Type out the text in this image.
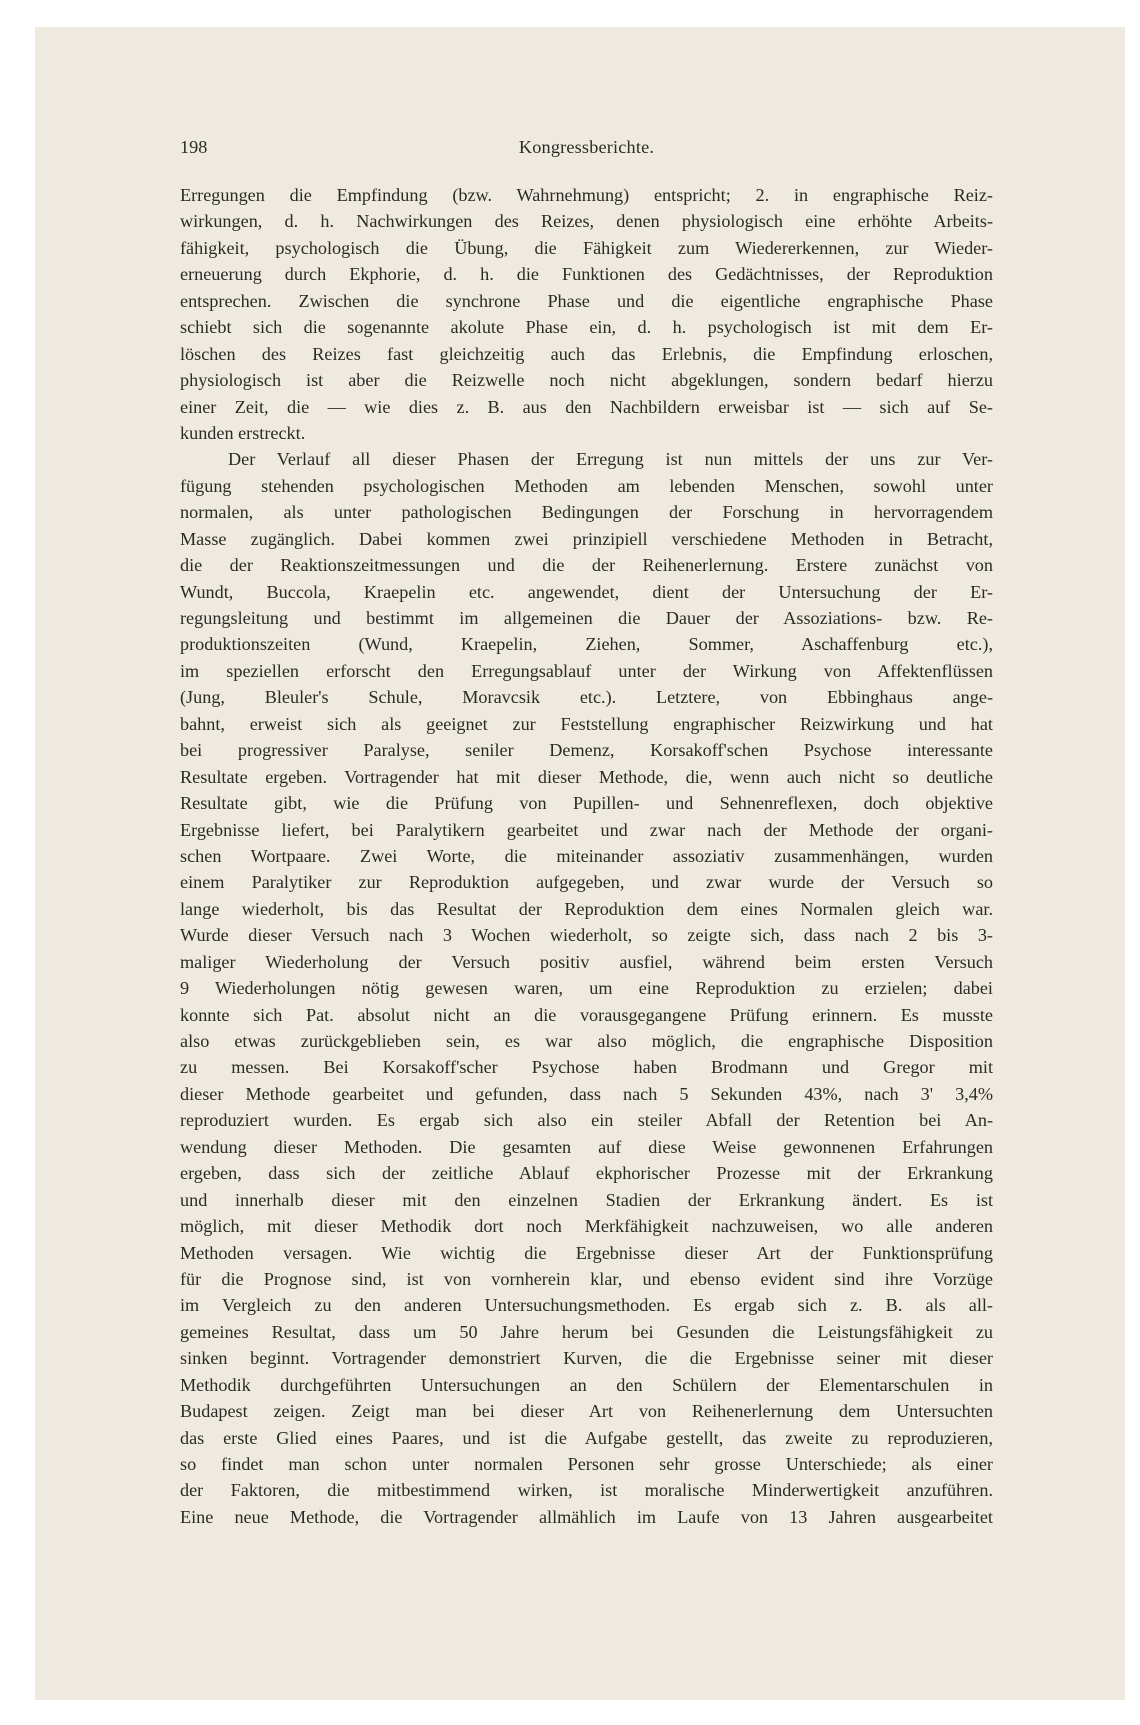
198	Kongressberichte.
Erregungen die Empfindung (bzw. Wahrnehmung) entspricht; 2. in engraphische Reiz-
wirkungen, d. h. Nachwirkungen des Reizes, denen physiologisch eine erhöhte Arbeits-
fähigkeit, psychologisch die Übung, die Fähigkeit zum Wiedererkennen, zur Wieder-
erneuerung durch Ekphorie, d. h. die Funktionen des Gedächtnisses, der Reproduktion
entsprechen. Zwischen die synchrone Phase und die eigentliche engraphische Phase
schiebt sich die sogenannte akolute Phase ein, d. h. psychologisch ist mit dem Er-
löschen des Reizes fast gleichzeitig auch das Erlebnis, die Empfindung erloschen,
physiologisch ist aber die Reizwelle noch nicht abgeklungen, sondern bedarf hierzu
einer Zeit, die — wie dies z. B. aus den Nachbildern erweisbar ist — sich auf Se-
kunden erstreckt.
Der Verlauf all dieser Phasen der Erregung ist nun mittels der uns zur Ver-
fügung stehenden psychologischen Methoden am lebenden Menschen, sowohl unter
normalen, als unter pathologischen Bedingungen der Forschung in hervorragendem
Masse zugänglich. Dabei kommen zwei prinzipiell verschiedene Methoden in Betracht,
die der Reaktionszeitmessungen und die der Reihenerlernung. Erstere zunächst von
Wundt, Buccola, Kraepelin etc. angewendet, dient der Untersuchung der Er-
regungsleitung und bestimmt im allgemeinen die Dauer der Assoziations- bzw. Re-
produktionszeiten (Wund, Kraepelin, Ziehen, Sommer, Aschaffenburg etc.),
im speziellen erforscht den Erregungsablauf unter der Wirkung von Affektenflüssen
(Jung, Bleuler's Schule, Moravcsik etc.). Letztere, von Ebbinghaus ange-
bahnt, erweist sich als geeignet zur Feststellung engraphischer Reizwirkung und hat
bei progressiver Paralyse, seniler Demenz, Korsakoff'schen Psychose interessante
Resultate ergeben. Vortragender hat mit dieser Methode, die, wenn auch nicht so deutliche
Resultate gibt, wie die Prüfung von Pupillen- und Sehnenreflexen, doch objektive
Ergebnisse liefert, bei Paralytikern gearbeitet und zwar nach der Methode der organi-
schen Wortpaare. Zwei Worte, die miteinander assoziativ zusammenhängen, wurden
einem Paralytiker zur Reproduktion aufgegeben, und zwar wurde der Versuch so
lange wiederholt, bis das Resultat der Reproduktion dem eines Normalen gleich war.
Wurde dieser Versuch nach 3 Wochen wiederholt, so zeigte sich, dass nach 2 bis 3-
maliger Wiederholung der Versuch positiv ausfiel, während beim ersten Versuch
9 Wiederholungen nötig gewesen waren, um eine Reproduktion zu erzielen; dabei
konnte sich Pat. absolut nicht an die vorausgegangene Prüfung erinnern. Es musste
also etwas zurückgeblieben sein, es war also möglich, die engraphische Disposition
zu messen. Bei Korsakoff'scher Psychose haben Brodmann und Gregor mit
dieser Methode gearbeitet und gefunden, dass nach 5 Sekunden 43%, nach 3' 3,4%
reproduziert wurden. Es ergab sich also ein steiler Abfall der Retention bei An-
wendung dieser Methoden. Die gesamten auf diese Weise gewonnenen Erfahrungen
ergeben, dass sich der zeitliche Ablauf ekphorischer Prozesse mit der Erkrankung
und innerhalb dieser mit den einzelnen Stadien der Erkrankung ändert. Es ist
möglich, mit dieser Methodik dort noch Merkfähigkeit nachzuweisen, wo alle anderen
Methoden versagen. Wie wichtig die Ergebnisse dieser Art der Funktionsprüfung
für die Prognose sind, ist von vornherein klar, und ebenso evident sind ihre Vorzüge
im Vergleich zu den anderen Untersuchungsmethoden. Es ergab sich z. B. als all-
gemeines Resultat, dass um 50 Jahre herum bei Gesunden die Leistungsfähigkeit zu
sinken beginnt. Vortragender demonstriert Kurven, die die Ergebnisse seiner mit dieser
Methodik durchgeführten Untersuchungen an den Schülern der Elementarschulen in
Budapest zeigen. Zeigt man bei dieser Art von Reihenerlernung dem Untersuchten
das erste Glied eines Paares, und ist die Aufgabe gestellt, das zweite zu reproduzieren,
so findet man schon unter normalen Personen sehr grosse Unterschiede; als einer
der Faktoren, die mitbestimmend wirken, ist moralische Minderwertigkeit anzuführen.
Eine neue Methode, die Vortragender allmählich im Laufe von 13 Jahren ausgearbeitet
